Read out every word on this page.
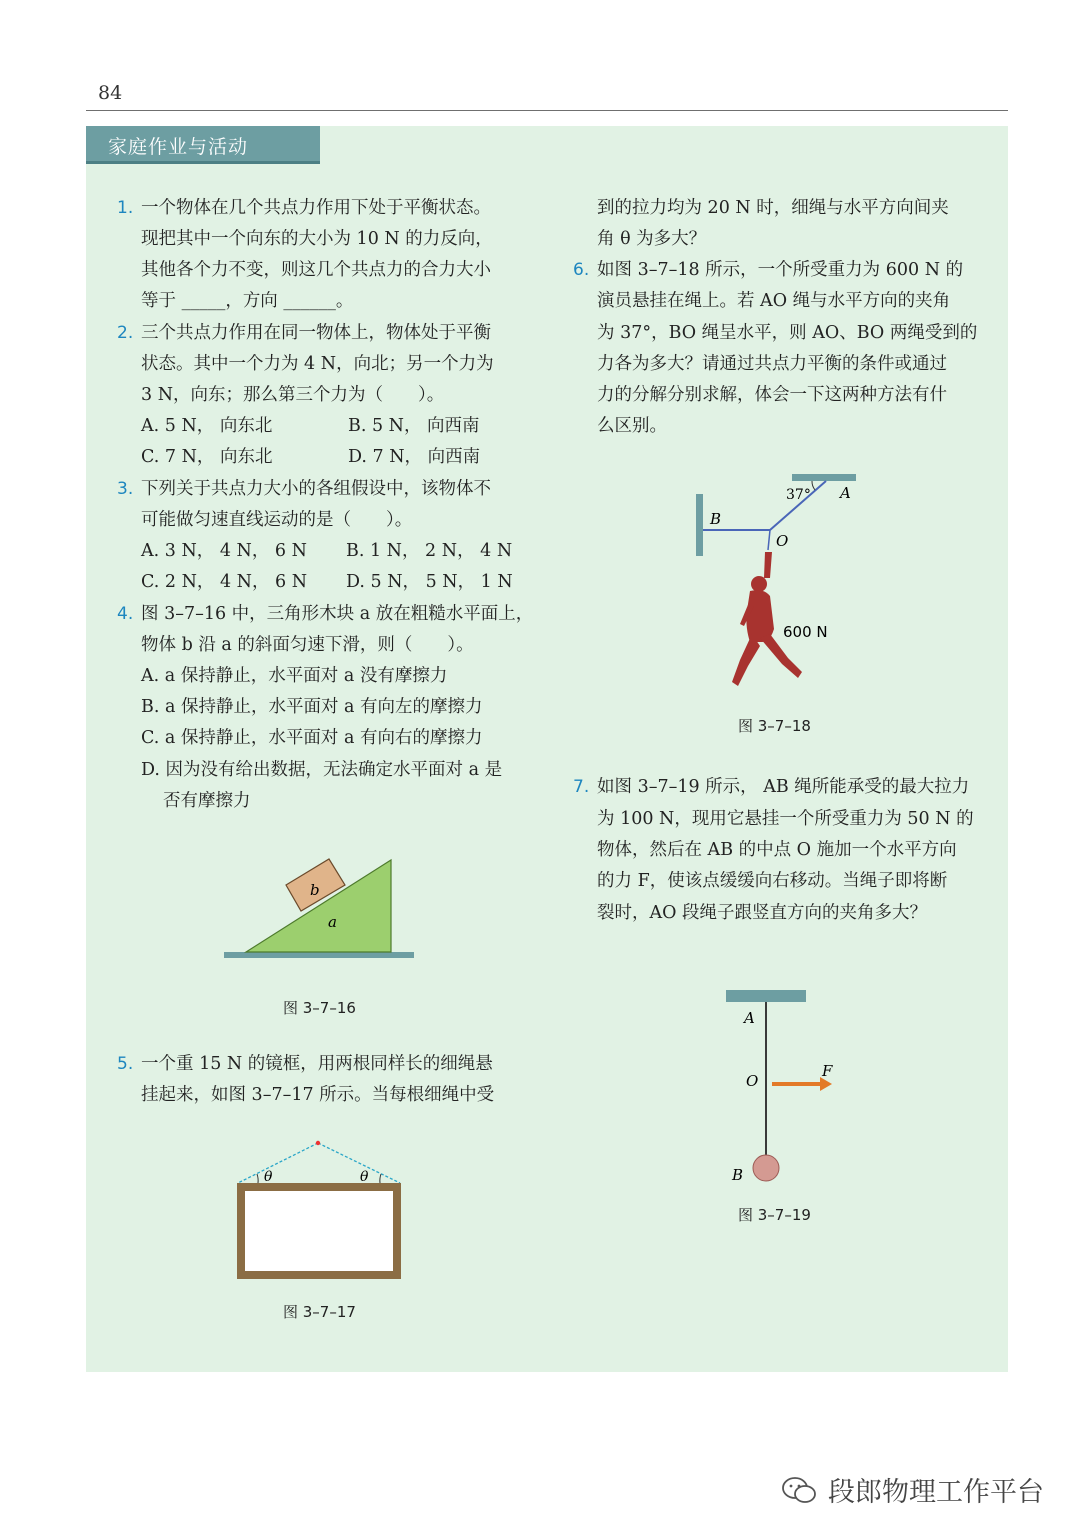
84
家庭作业与活动
1. 一个物体在几个共点力作用下处于平衡状态。
现把其中一个向东的大小为 10 N 的力反向，
其他各个力不变，则这几个共点力的合力大小
等于 _____，方向 ______。
2. 三个共点力作用在同一物体上，物体处于平衡
状态。其中一个力为 4 N，向北；另一个力为
3 N，向东；那么第三个力为（　　）。
A. 5 N， 向东北	B. 5 N， 向西南
C. 7 N， 向东北	D. 7 N， 向西南
3. 下列关于共点力大小的各组假设中，该物体不
可能做匀速直线运动的是（　　）。
A. 3 N， 4 N， 6 N B. 1 N， 2 N， 4 N
C. 2 N， 4 N， 6 N D. 5 N， 5 N， 1 N
4. 图 3–7–16 中，三角形木块 a 放在粗糙水平面上，
物体 b 沿 a 的斜面匀速下滑，则（　　）。
A. a 保持静止，水平面对 a 没有摩擦力
B. a 保持静止，水平面对 a 有向左的摩擦力
C. a 保持静止，水平面对 a 有向右的摩擦力
D. 因为没有给出数据，无法确定水平面对 a 是
否有摩擦力
b
a
图 3–7–16
5. 一个重 15 N 的镜框，用两根同样长的细绳悬
挂起来，如图 3–7–17 所示。当每根细绳中受
到的拉力均为 20 N 时，细绳与水平方向间夹
角 θ 为多大？
θ	θ
图 3–7–17
6. 如图 3–7–18 所示，一个所受重力为 600 N 的
演员悬挂在绳上。若 AO 绳与水平方向的夹角
为 37°，BO 绳呈水平，则 AO、BO 两绳受到的
力各为多大？请通过共点力平衡的条件或通过
力的分解分别求解，体会一下这两种方法有什
么区别。
37° A
B
O
600 N
图 3–7–18
7. 如图 3–7–19 所示， AB 绳所能承受的最大拉力
为 100 N，现用它悬挂一个所受重力为 50 N 的
物体，然后在 AB 的中点 O 施加一个水平方向
的力 F，使该点缓缓向右移动。当绳子即将断
裂时，AO 段绳子跟竖直方向的夹角多大？
A
O
F
B
图 3–7–19
段郎物理工作平台
